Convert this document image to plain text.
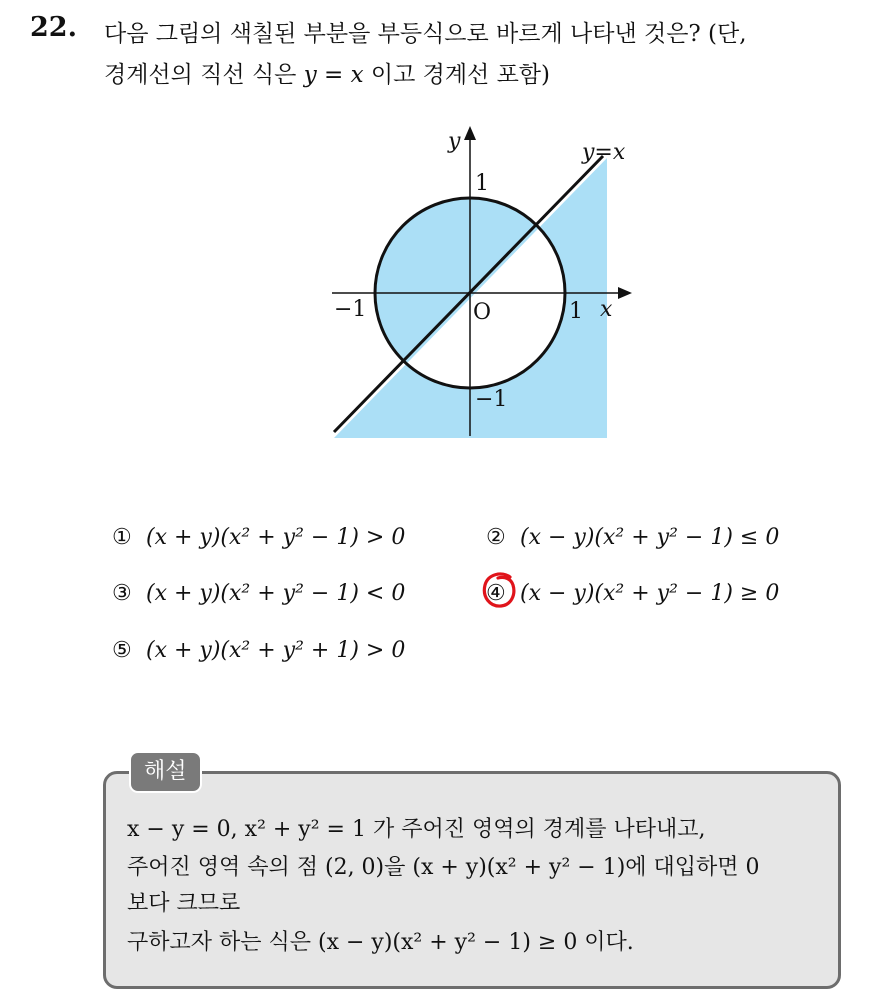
22. 다음 그림의 색칠된 부분을 부등식으로 바르게 나타낸 것은? (단,
경계선의 직선 식은 y = x 이고 경계선 포함)
y
x
y=x
O
1
−1
1
−1
① (x + y)(x² + y² − 1) > 0	② (x − y)(x² + y² − 1) ≤ 0
③ (x + y)(x² + y² − 1) < 0	④ (x − y)(x² + y² − 1) ≥ 0
⑤ (x + y)(x² + y² + 1) > 0
해설
x − y = 0, x² + y² = 1 가 주어진 영역의 경계를 나타내고,
주어진 영역 속의 점 (2, 0)을 (x + y)(x² + y² − 1)에 대입하면 0
보다 크므로
구하고자 하는 식은 (x − y)(x² + y² − 1) ≥ 0 이다.
